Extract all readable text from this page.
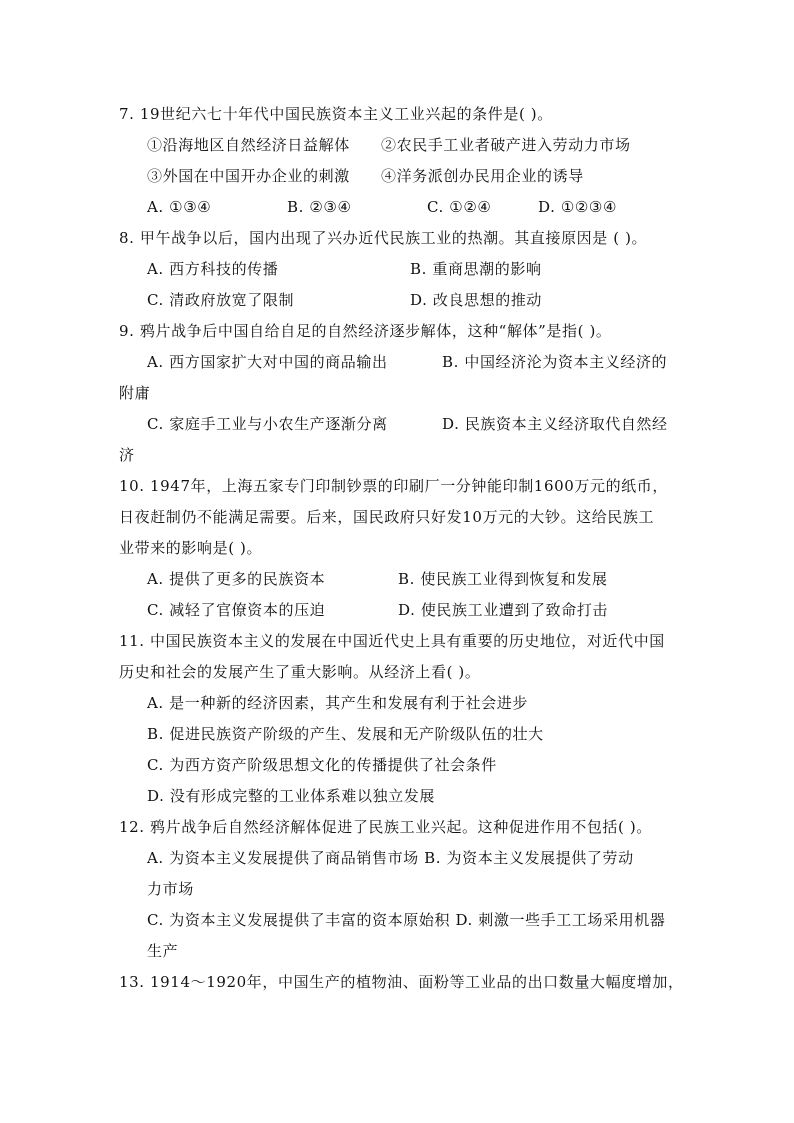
7. 19世纪六七十年代中国民族资本主义工业兴起的条件是( )。
①沿海地区自然经济日益解体 ②农民手工业者破产进入劳动力市场
③外国在中国开办企业的刺激 ④洋务派创办民用企业的诱导
A. ①③④	B. ②③④	C. ①②④	D. ①②③④
8. 甲午战争以后，国内出现了兴办近代民族工业的热潮。其直接原因是 ( )。
A. 西方科技的传播	B. 重商思潮的影响
C. 清政府放宽了限制	D. 改良思想的推动
9. 鸦片战争后中国自给自足的自然经济逐步解体，这种“解体”是指( )。
A. 西方国家扩大对中国的商品输出	B. 中国经济沦为资本主义经济的
附庸
C. 家庭手工业与小农生产逐渐分离	D. 民族资本主义经济取代自然经
济
10. 1947年，上海五家专门印制钞票的印刷厂一分钟能印制1600万元的纸币，
日夜赶制仍不能满足需要。后来，国民政府只好发10万元的大钞。这给民族工
业带来的影响是( )。
A. 提供了更多的民族资本	B. 使民族工业得到恢复和发展
C. 减轻了官僚资本的压迫	D. 使民族工业遭到了致命打击
11. 中国民族资本主义的发展在中国近代史上具有重要的历史地位，对近代中国
历史和社会的发展产生了重大影响。从经济上看( )。
A. 是一种新的经济因素，其产生和发展有利于社会进步
B. 促进民族资产阶级的产生、发展和无产阶级队伍的壮大
C. 为西方资产阶级思想文化的传播提供了社会条件
D. 没有形成完整的工业体系难以独立发展
12. 鸦片战争后自然经济解体促进了民族工业兴起。这种促进作用不包括( )。
A. 为资本主义发展提供了商品销售市场 B. 为资本主义发展提供了劳动
力市场
C. 为资本主义发展提供了丰富的资本原始积 D. 刺激一些手工工场采用机器
生产
13. 1914～1920年，中国生产的植物油、面粉等工业品的出口数量大幅度增加，
